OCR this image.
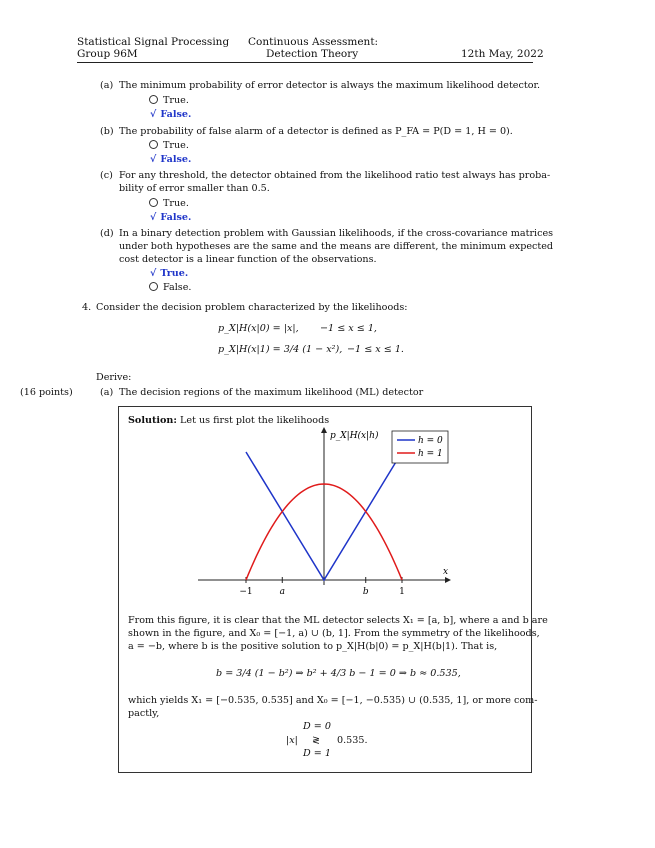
Statistical Signal Processing
Group 96M
Continuous Assessment:
Detection Theory	12th May, 2022
(a) The minimum probability of error detector is always the maximum likelihood detector.
True.
√ False.
(b) The probability of false alarm of a detector is defined as P_FA = P(D = 1, H = 0).
True.
√ False.
(c) For any threshold, the detector obtained from the likelihood ratio test always has proba-
bility of error smaller than 0.5.
True.
√ False.
(d) In a binary detection problem with Gaussian likelihoods, if the cross-covariance matrices
under both hypotheses are the same and the means are different, the minimum expected
cost detector is a linear function of the observations.
√ True.
False.
4. Consider the decision problem characterized by the likelihoods:
p_X|H(x|0) = |x|, −1 ≤ x ≤ 1,
p_X|H(x|1) = 3/4 (1 − x²), −1 ≤ x ≤ 1.
Derive:
(16 points)	(a) The decision regions of the maximum likelihood (ML) detector
Solution: Let us first plot the likelihoods
p_X|H(x|h)
x
−1	a	b	1
h = 0
h = 1
From this figure, it is clear that the ML detector selects X₁ = [a, b], where a and b are
shown in the figure, and X₀ = [−1, a) ∪ (b, 1]. From the symmetry of the likelihoods,
a = −b, where b is the positive solution to p_X|H(b|0) = p_X|H(b|1). That is,
b = 3/4 (1 − b²) ⇒ b² + 4/3 b − 1 = 0 ⇒ b ≈ 0.535,
which yields X₁ = [−0.535, 0.535] and X₀ = [−1, −0.535) ∪ (0.535, 1], or more com-
pactly,
D = 0
|x| ≷ 0.535.
D = 1
